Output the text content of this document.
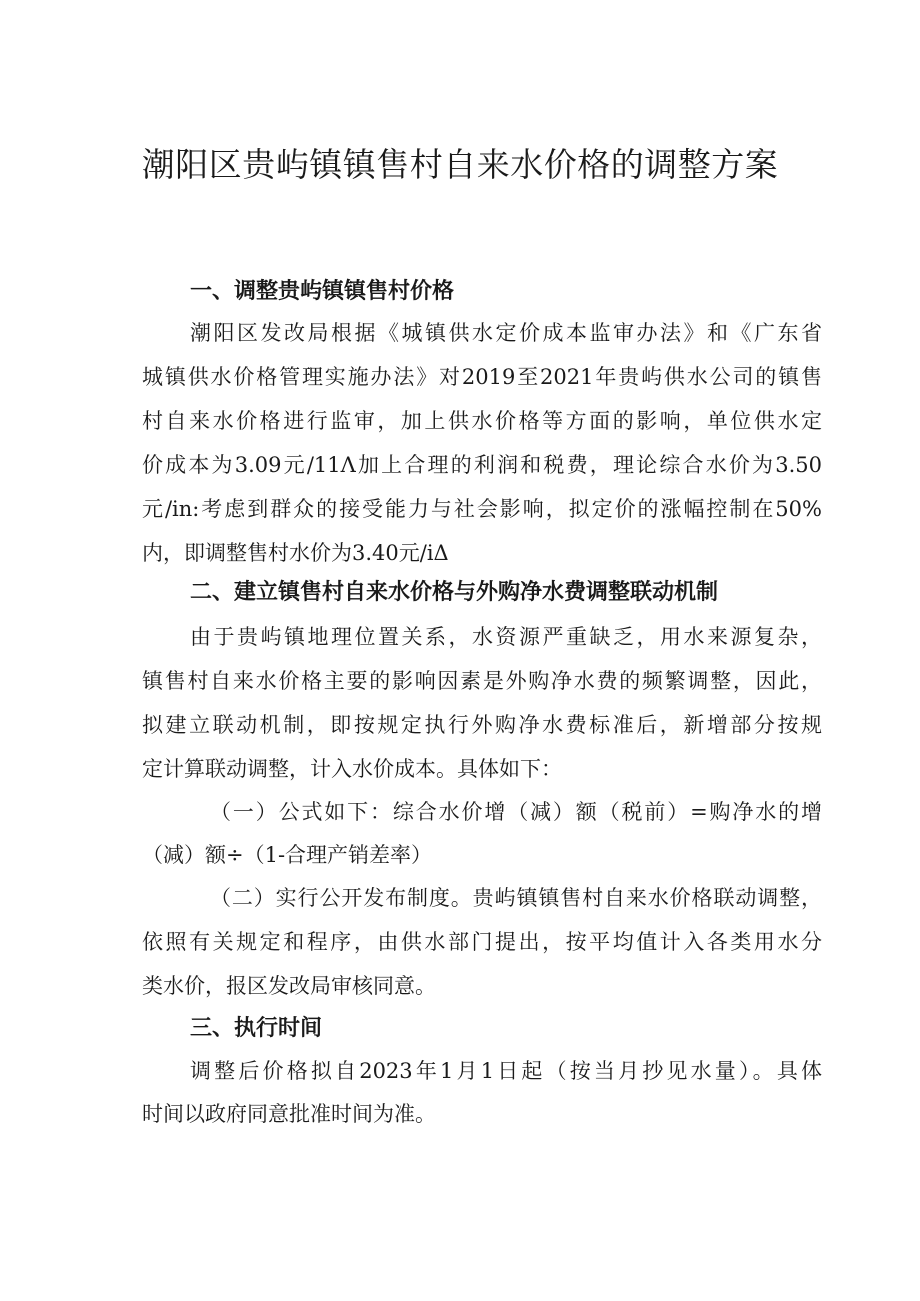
潮阳区贵屿镇镇售村自来水价格的调整方案
一、调整贵屿镇镇售村价格
潮阳区发改局根据《城镇供水定价成本监审办法》和《广东省
城镇供水价格管理实施办法》对2019至2021年贵屿供水公司的镇售
村自来水价格进行监审，加上供水价格等方面的影响，单位供水定
价成本为3.09元/11Λ加上合理的利润和税费，理论综合水价为3.50
元/in:考虑到群众的接受能力与社会影响，拟定价的涨幅控制在50%
内，即调整售村水价为3.40元/iΔ
二、建立镇售村自来水价格与外购净水费调整联动机制
由于贵屿镇地理位置关系，水资源严重缺乏，用水来源复杂，
镇售村自来水价格主要的影响因素是外购净水费的频繁调整，因此，
拟建立联动机制，即按规定执行外购净水费标准后，新增部分按规
定计算联动调整，计入水价成本。具体如下：
（一）公式如下：综合水价增（减）额（税前）=购净水的增
（减）额÷（1-合理产销差率）
（二）实行公开发布制度。贵屿镇镇售村自来水价格联动调整，
依照有关规定和程序，由供水部门提出，按平均值计入各类用水分
类水价，报区发改局审核同意。
三、执行时间
调整后价格拟自2023年1月1日起（按当月抄见水量）。具体
时间以政府同意批准时间为准。
